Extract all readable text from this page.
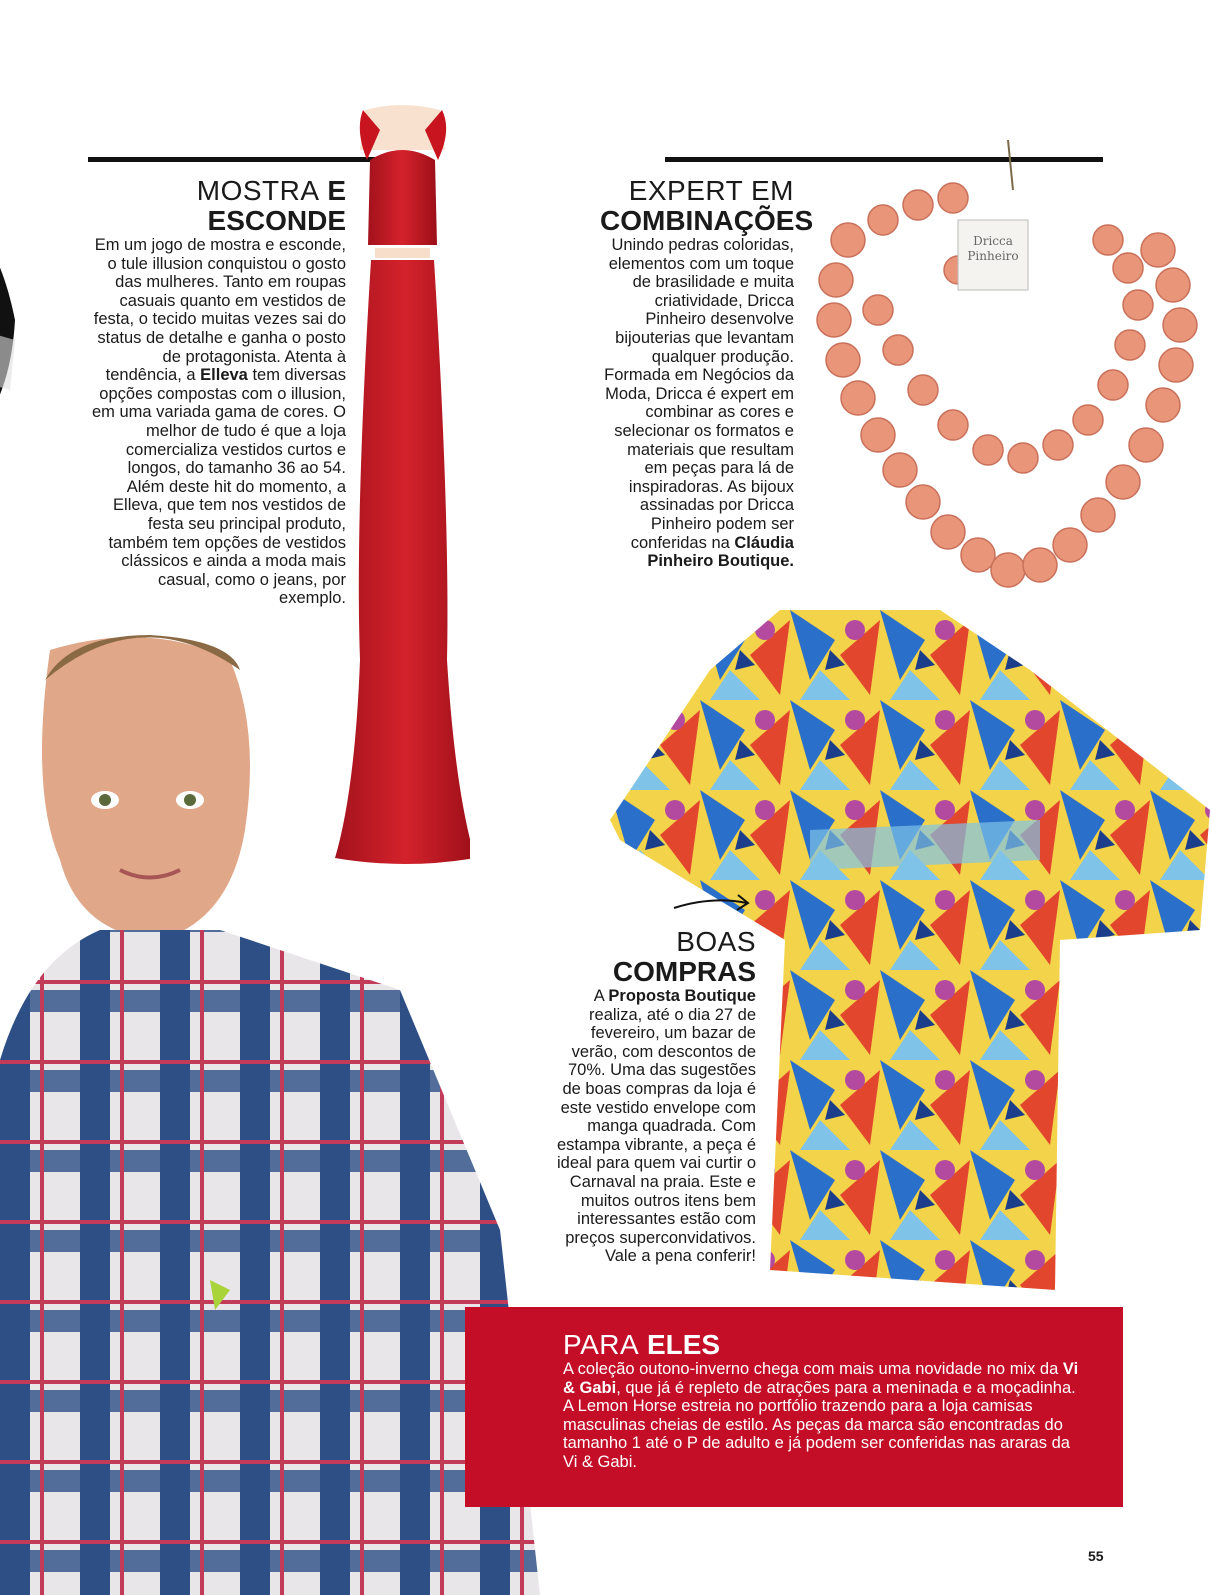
Dricca
Pinheiro
MOSTRA E ESCONDE

Em um jogo de mostra e esconde, o tule illusion conquistou o gosto das mulheres. Tanto em roupas casuais quanto em vestidos de festa, o tecido muitas vezes sai do status de detalhe e ganha o posto de protagonista. Atenta à tendência, a Elleva tem diversas opções compostas com o illusion, em uma variada gama de cores. O melhor de tudo é que a loja comercializa vestidos curtos e longos, do tamanho 36 ao 54. Além deste hit do momento, a Elleva, que tem nos vestidos de festa seu principal produto, também tem opções de vestidos clássicos e ainda a moda mais casual, como o jeans, por exemplo.

EXPERT EM
COMBINAÇÕES

Unindo pedras coloridas, elementos com um toque de brasilidade e muita criatividade, Dricca Pinheiro desenvolve bijouterias que levantam qualquer produção. Formada em Negócios da Moda, Dricca é expert em combinar as cores e selecionar os formatos e materiais que resultam em peças para lá de inspiradoras. As bijoux assinadas por Dricca Pinheiro podem ser conferidas na Cláudia Pinheiro Boutique.

BOAS COMPRAS

A Proposta Boutique realiza, até o dia 27 de fevereiro, um bazar de verão, com descontos de 70%. Uma das sugestões de boas compras da loja é este vestido envelope com manga quadrada. Com estampa vibrante, a peça é ideal para quem vai curtir o Carnaval na praia. Este e muitos outros itens bem interessantes estão com preços superconvidativos. Vale a pena conferir!

PARA ELES

A coleção outono-inverno chega com mais uma novidade no mix da Vi & Gabi, que já é repleto de atrações para a meninada e a moçadinha. A Lemon Horse estreia no portfólio trazendo para a loja camisas masculinas cheias de estilo. As peças da marca são encontradas do tamanho 1 até o P de adulto e já podem ser conferidas nas araras da Vi & Gabi.

55
